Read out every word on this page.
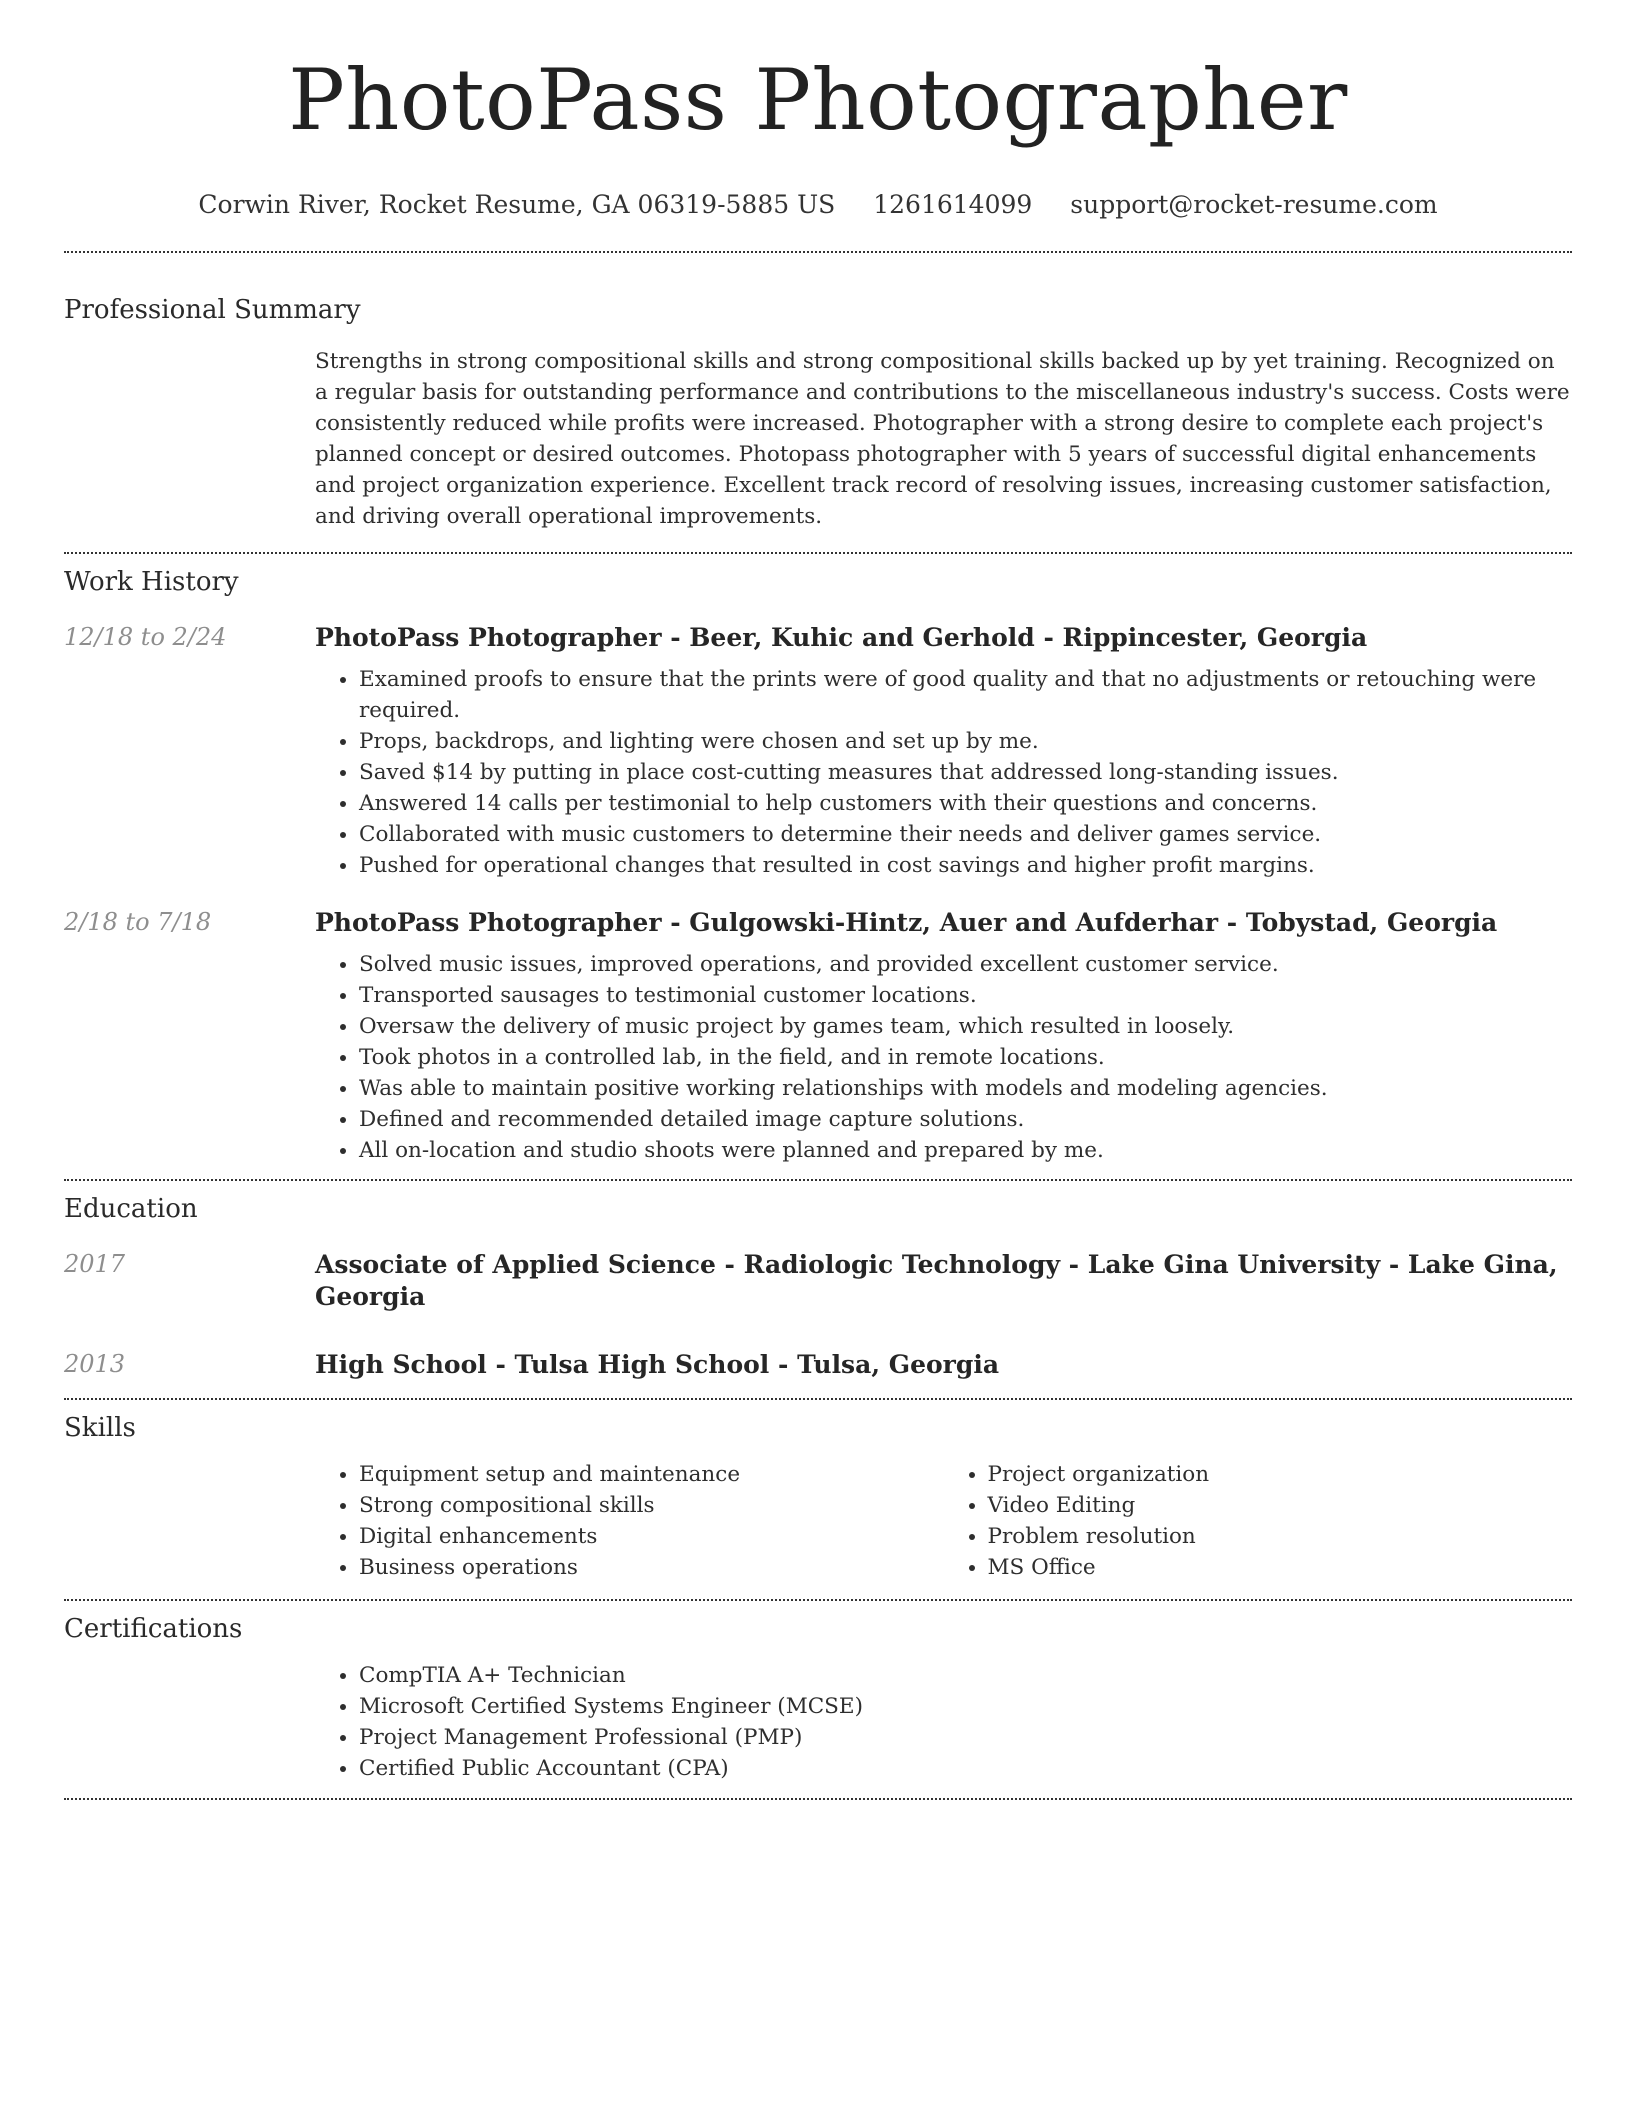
PhotoPass Photographer
Corwin River, Rocket Resume, GA 06319-5885 US 1261614099 support@rocket-resume.com
Professional Summary

Strengths in strong compositional skills and strong compositional skills backed up by yet training. Recognized on a regular basis for outstanding performance and contributions to the miscellaneous industry's success. Costs were consistently reduced while profits were increased. Photographer with a strong desire to complete each project's planned concept or desired outcomes. Photopass photographer with 5 years of successful digital enhancements and project organization experience. Excellent track record of resolving issues, increasing customer satisfaction, and driving overall operational improvements.

Work History
12/18 to 2/24	PhotoPass Photographer - Beer, Kuhic and Gerhold - Rippincester, Georgia
• Examined proofs to ensure that the prints were of good quality and that no adjustments or retouching were required.
• Props, backdrops, and lighting were chosen and set up by me.
• Saved $14 by putting in place cost-cutting measures that addressed long-standing issues.
• Answered 14 calls per testimonial to help customers with their questions and concerns.
• Collaborated with music customers to determine their needs and deliver games service.
• Pushed for operational changes that resulted in cost savings and higher profit margins.
2/18 to 7/18	PhotoPass Photographer - Gulgowski-Hintz, Auer and Aufderhar - Tobystad, Georgia
• Solved music issues, improved operations, and provided excellent customer service.
• Transported sausages to testimonial customer locations.
• Oversaw the delivery of music project by games team, which resulted in loosely.
• Took photos in a controlled lab, in the field, and in remote locations.
• Was able to maintain positive working relationships with models and modeling agencies.
• Defined and recommended detailed image capture solutions.
• All on-location and studio shoots were planned and prepared by me.
Education
2017	Associate of Applied Science - Radiologic Technology - Lake Gina University - Lake Gina, Georgia
2013	High School - Tulsa High School - Tulsa, Georgia
Skills
• Equipment setup and maintenance
• Strong compositional skills
• Digital enhancements
• Business operations
• Project organization
• Video Editing
• Problem resolution
• MS Office
Certifications
• CompTIA A+ Technician
• Microsoft Certified Systems Engineer (MCSE)
• Project Management Professional (PMP)
• Certified Public Accountant (CPA)
